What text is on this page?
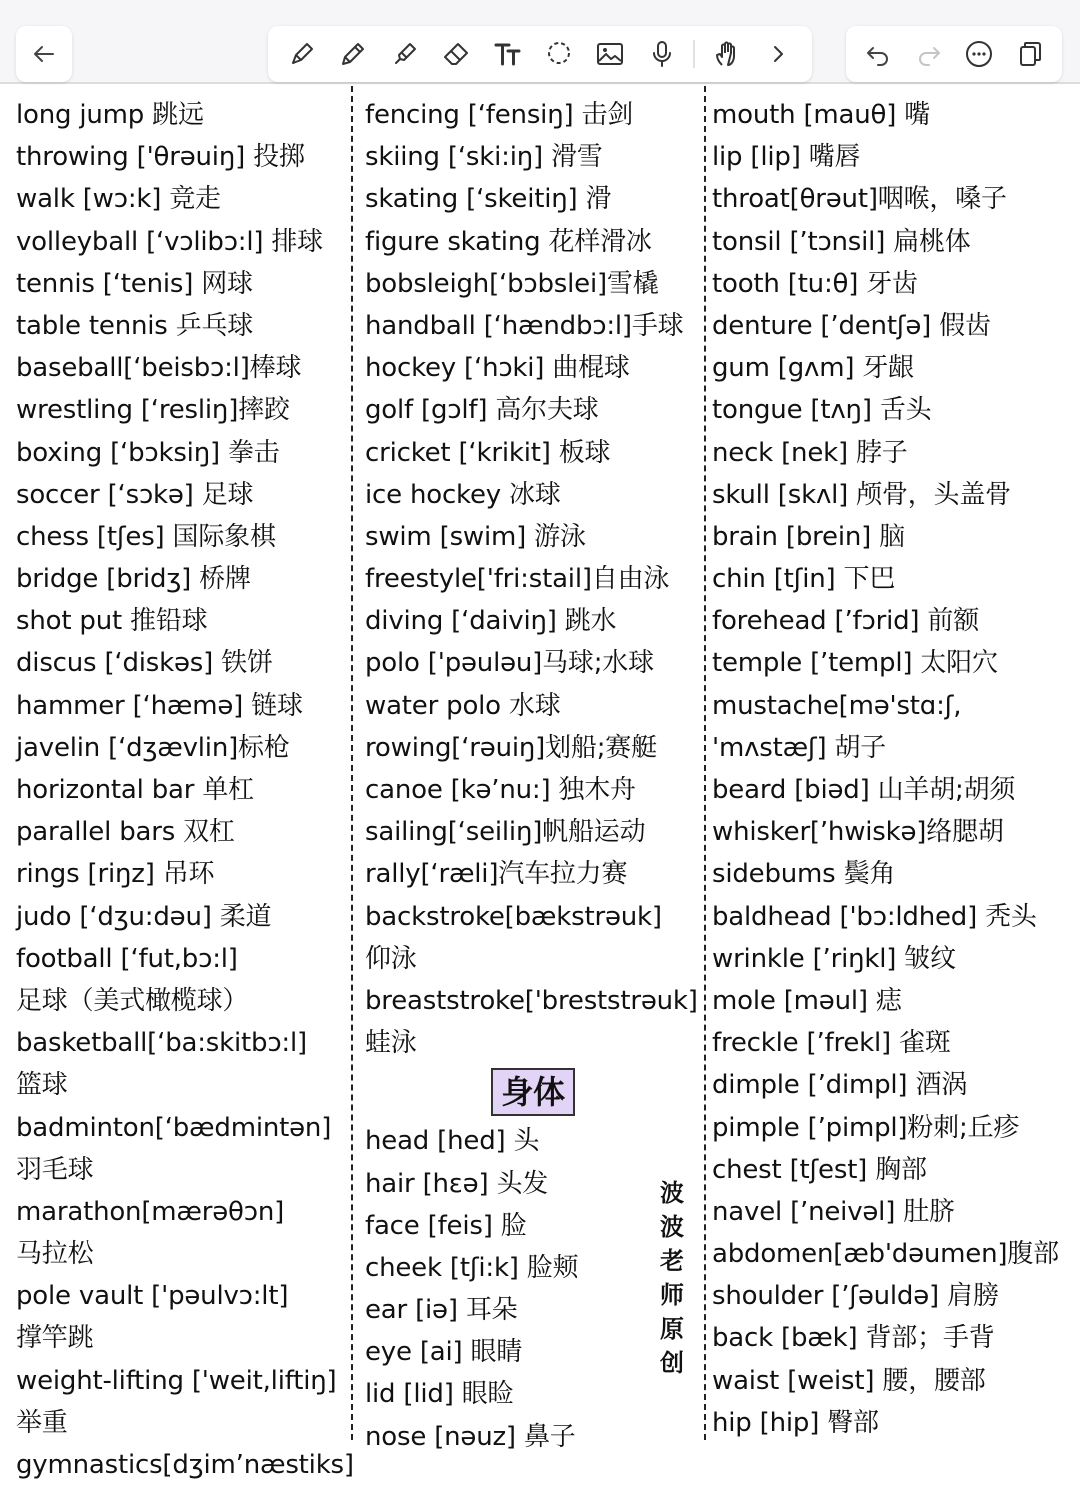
long jump 跳远
throwing ['θrəuiŋ] 投掷
walk [wɔ:k] 竞走
volleyball [‘vɔlibɔ:l] 排球
tennis [‘tenis] 网球
table tennis 乒乓球
baseball[‘beisbɔ:l]棒球
wrestling [‘resliŋ]摔跤
boxing [‘bɔksiŋ] 拳击
soccer [‘sɔkə] 足球
chess [tʃes] 国际象棋
bridge [bridʒ] 桥牌
shot put 推铅球
discus [‘diskəs] 铁饼
hammer [‘hæmə] 链球
javelin [‘dʒævlin]标枪
horizontal bar 单杠
parallel bars 双杠
rings [riŋz] 吊环
judo [‘dʒu:dəu] 柔道
football [‘fut,bɔ:l]
足球（美式橄榄球）
basketball[‘ba:skitbɔ:l]
篮球
badminton[‘bædmintən]
羽毛球
marathon[mærəθɔn]
马拉松
pole vault ['pəulvɔ:lt]
撑竿跳
weight-lifting ['weit,liftiŋ]
举重
gymnastics[dʒim’næstiks]
fencing [‘fensiŋ] 击剑
skiing [‘ski:iŋ] 滑雪
skating [‘skeitiŋ] 滑
figure skating 花样滑冰
bobsleigh[‘bɔbslei]雪橇
handball [‘hændbɔ:l]手球
hockey [‘hɔki] 曲棍球
golf [gɔlf] 高尔夫球
cricket [‘krikit] 板球
ice hockey 冰球
swim [swim] 游泳
freestyle['fri:stail]自由泳
diving [‘daiviŋ] 跳水
polo ['pəuləu]马球;水球
water polo 水球
rowing[‘rəuiŋ]划船;赛艇
canoe [kə’nu:] 独木舟
sailing[‘seiliŋ]帆船运动
rally[‘ræli]汽车拉力赛
backstroke[bækstrəuk]
仰泳
breaststroke['breststrəuk]
蛙泳
身体
head [hed] 头
hair [hεə] 头发
face [feis] 脸
cheek [tʃi:k] 脸颊
ear [iə] 耳朵
eye [ai] 眼睛
lid [lid] 眼睑
nose [nəuz] 鼻子
mouth [mauθ] 嘴
lip [lip] 嘴唇
throat[θrəut]咽喉，嗓子
tonsil [’tɔnsil] 扁桃体
tooth [tu:θ] 牙齿
denture [’dentʃə] 假齿
gum [gʌm] 牙龈
tongue [tʌŋ] 舌头
neck [nek] 脖子
skull [skʌl] 颅骨，头盖骨
brain [brein] 脑
chin [tʃin] 下巴
forehead [’fɔrid] 前额
temple [’templ] 太阳穴
mustache[mə'stɑ:ʃ,
'mʌstæʃ] 胡子
beard [biəd] 山羊胡;胡须
whisker[’hwiskə]络腮胡
sidebums 鬓角
baldhead ['bɔ:ldhed] 秃头
wrinkle [’riŋkl] 皱纹
mole [məul] 痣
freckle [’frekl] 雀斑
dimple [’dimpl] 酒涡
pimple [’pimpl]粉刺;丘疹
chest [tʃest] 胸部
navel [’neivəl] 肚脐
abdomen[æb'dəumen]腹部
shoulder [’ʃəuldə] 肩膀
back [bæk] 背部；手背
waist [weist] 腰，腰部
hip [hip] 臀部
波波老师原创
